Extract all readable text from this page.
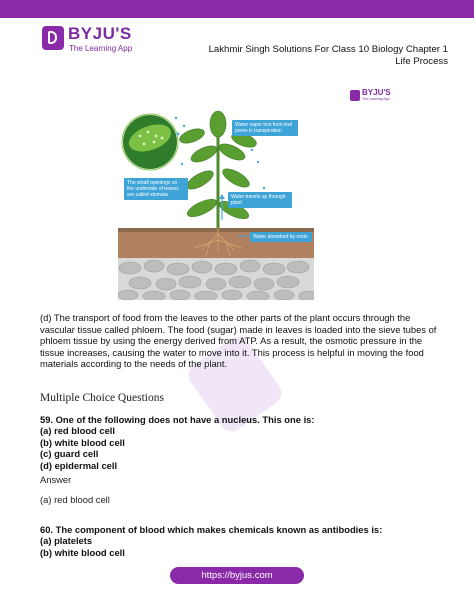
BYJU'S
The Learning App	Lakhmir Singh Solutions For Class 10 Biology Chapter 1
Life Process
BYJU'S
The Learning App
Water vapor lost from leaf pores in transpiration
The small openings on the underside of leaves are called stomata	Water travels up through plant
Water absorbed by roots
(d) The transport of food from the leaves to the other parts of the plant occurs through the vascular tissue called phloem. The food (sugar) made in leaves is loaded into the sieve tubes of phloem tissue by using the energy derived from ATP. As a result, the osmotic pressure in the tissue increases, causing the water to move into it. This process is helpful in moving the food materials according to the needs of the plant.
Multiple Choice Questions
59. One of the following does not have a nucleus. This one is:
(a) red blood cell
(b) white blood cell
(c) guard cell
(d) epidermal cell
Answer
(a) red blood cell
60. The component of blood which makes chemicals known as antibodies is:
(a) platelets
(b) white blood cell
https://byjus.com
